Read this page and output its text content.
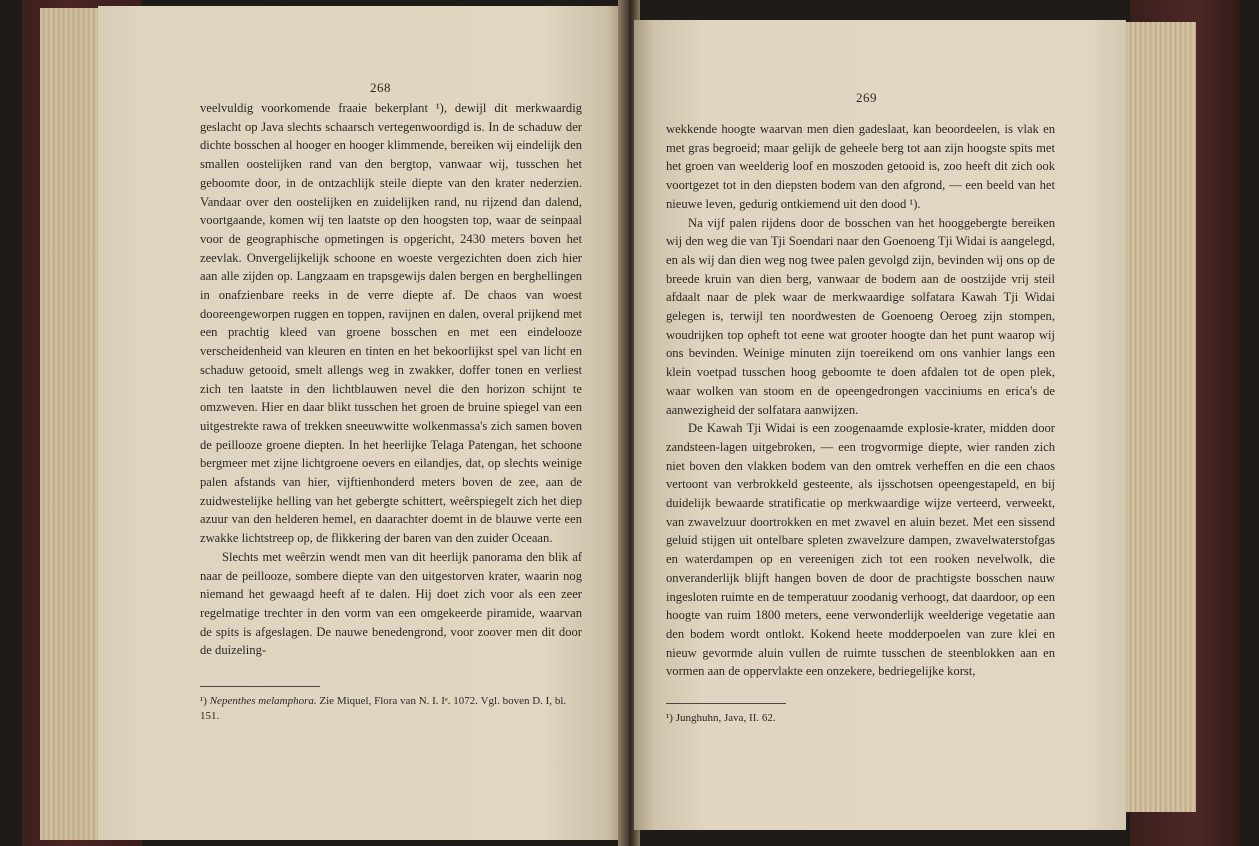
268

veelvuldig voorkomende fraaie bekerplant ¹), dewijl dit merkwaardig geslacht op Java slechts schaarsch vertegenwoordigd is. In de schaduw der dichte bosschen al hooger en hooger klimmende, bereiken wij eindelijk den smallen oostelijken rand van den bergtop, vanwaar wij, tusschen het geboomte door, in de ontzachlijk steile diepte van den krater nederzien. Vandaar over den oostelijken en zuidelijken rand, nu rijzend dan dalend, voortgaande, komen wij ten laatste op den hoogsten top, waar de seinpaal voor de geographische opmetingen is opgericht, 2430 meters boven het zeevlak. Onvergelijkelijk schoone en woeste vergezichten doen zich hier aan alle zijden op. Langzaam en trapsgewijs dalen bergen en berghellingen in onafzienbare reeks in de verre diepte af. De chaos van woest dooreengeworpen ruggen en toppen, ravijnen en dalen, overal prijkend met een prachtig kleed van groene bosschen en met een eindelooze verscheidenheid van kleuren en tinten en het bekoorlijkst spel van licht en schaduw getooid, smelt allengs weg in zwakker, doffer tonen en verliest zich ten laatste in den lichtblauwen nevel die den horizon schijnt te omzweven. Hier en daar blikt tusschen het groen de bruine spiegel van een uitgestrekte rawa of trekken sneeuwwitte wolkenmassa's zich samen boven de peillooze groene diepten. In het heerlijke Telaga Patengan, het schoone bergmeer met zijne lichtgroene oevers en eilandjes, dat, op slechts weinige palen afstands van hier, vijftienhonderd meters boven de zee, aan de zuidwestelijke helling van het gebergte schittert, weêrspiegelt zich het diep azuur van den helderen hemel, en daarachter doemt in de blauwe verte een zwakke lichtstreep op, de flikkering der baren van den zuider Oceaan.

Slechts met weêrzin wendt men van dit heerlijk panorama den blik af naar de peillooze, sombere diepte van den uitgestorven krater, waarin nog niemand het gewaagd heeft af te dalen. Hij doet zich voor als een zeer regelmatige trechter in den vorm van een omgekeerde piramide, waarvan de spits is afgeslagen. De nauwe benedengrond, voor zoover men dit door de duizeling-

¹) Nepenthes melamphora. Zie Miquel, Flora van N. I. Iᵉ. 1072. Vgl. boven D. I, bl. 151.
269

wekkende hoogte waarvan men dien gadeslaat, kan beoordeelen, is vlak en met gras begroeid; maar gelijk de geheele berg tot aan zijn hoogste spits met het groen van weelderig loof en moszoden getooid is, zoo heeft dit zich ook voortgezet tot in den diepsten bodem van den afgrond, — een beeld van het nieuwe leven, gedurig ontkiemend uit den dood ¹).

Na vijf palen rijdens door de bosschen van het hooggebergte bereiken wij den weg die van Tji Soendari naar den Goenoeng Tji Widai is aangelegd, en als wij dan dien weg nog twee palen gevolgd zijn, bevinden wij ons op de breede kruin van dien berg, vanwaar de bodem aan de oostzijde vrij steil afdaalt naar de plek waar de merkwaardige solfatara Kawah Tji Widai gelegen is, terwijl ten noordwesten de Goenoeng Oeroeg zijn stompen, woudrijken top opheft tot eene wat grooter hoogte dan het punt waarop wij ons bevinden. Weinige minuten zijn toereikend om ons vanhier langs een klein voetpad tusschen hoog geboomte te doen afdalen tot de open plek, waar wolken van stoom en de opeengedrongen vacciniums en erica's de aanwezigheid der solfatara aanwijzen.

De Kawah Tji Widai is een zoogenaamde explosie-krater, midden door zandsteen-lagen uitgebroken, — een trogvormige diepte, wier randen zich niet boven den vlakken bodem van den omtrek verheffen en die een chaos vertoont van verbrokkeld gesteente, als ijsschotsen opeengestapeld, en bij duidelijk bewaarde stratificatie op merkwaardige wijze verteerd, verweekt, van zwavelzuur doortrokken en met zwavel en aluin bezet. Met een sissend geluid stijgen uit ontelbare spleten zwavelzure dampen, zwavelwaterstofgas en waterdampen op en vereenigen zich tot een rooken nevelwolk, die onveranderlijk blijft hangen boven de door de prachtigste bosschen nauw ingesloten ruimte en de temperatuur zoodanig verhoogt, dat daardoor, op een hoogte van ruim 1800 meters, eene verwonderlijk weelderige vegetatie aan den bodem wordt ontlokt. Kokend heete modderpoelen van zure klei en nieuw gevormde aluin vullen de ruimte tusschen de steenblokken aan en vormen aan de oppervlakte een onzekere, bedriegelijke korst,

¹) Junghuhn, Java, II. 62.
